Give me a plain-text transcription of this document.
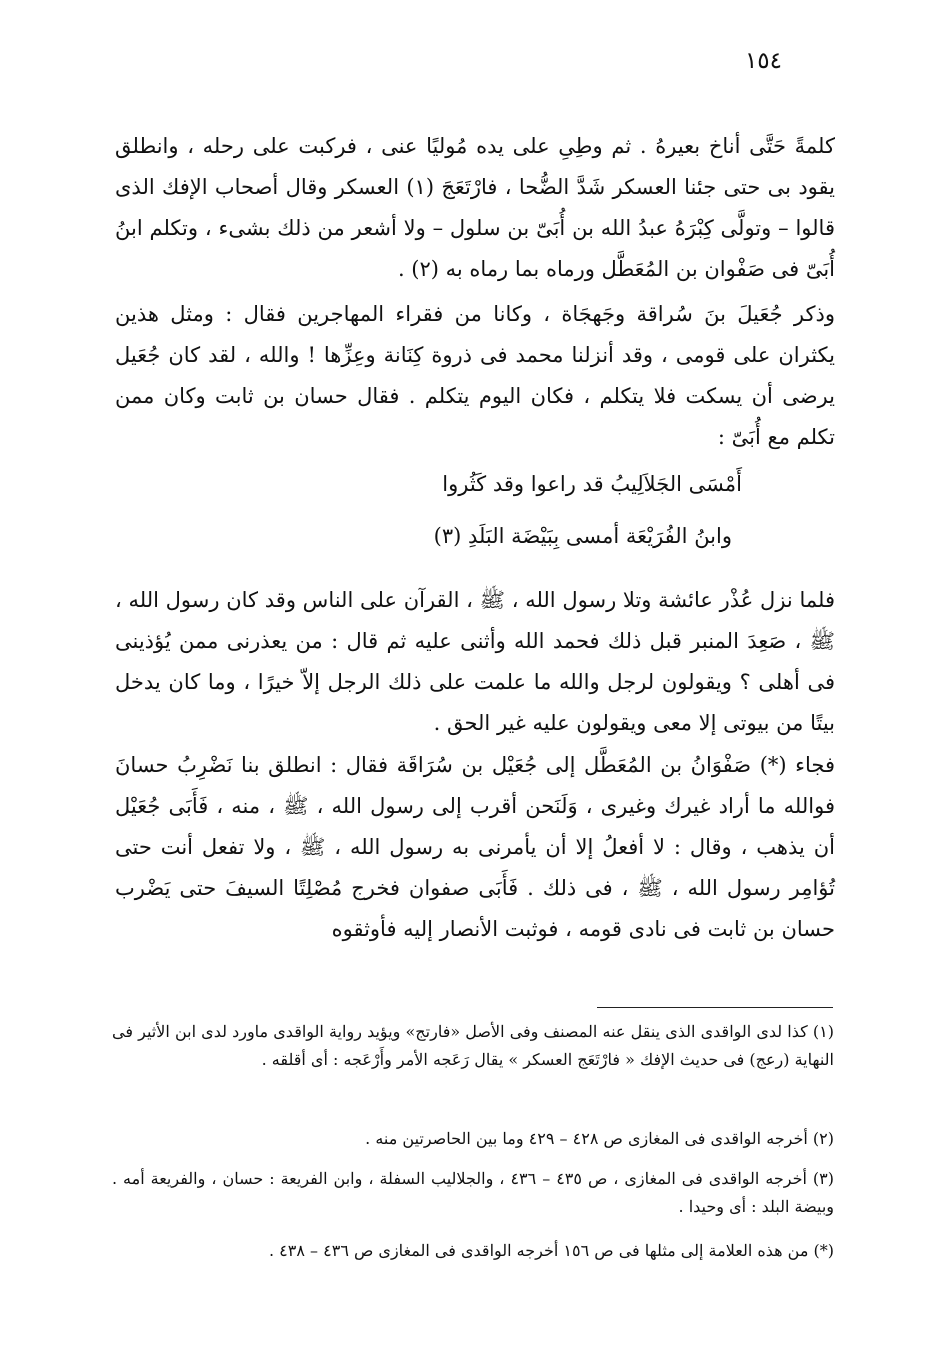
١٥٤

كلمةً حَتَّى أناخ بعيرهُ . ثم وطِىِ على يده مُوليًا عنى ، فركبت على رحله ، وانطلق يقود بى حتى جئنا العسكر شَدَّ الضُّحا ، فارْتَعَجَ (١) العسكر وقال أصحاب الإفك الذى قالوا – وتولَّى كِبْرَهُ عبدُ الله بن أُبَىّ بن سلول – ولا أشعر من ذلك بشىء ، وتكلم ابنُ أُبَىّ فى صَفْوان بن المُعَطَّل ورماه بما رماه به (٢) .

وذكر جُعَيلَ بنَ سُراقة وجَهجَاة ، وكانا من فقراء المهاجرين فقال : ومثل هذين يكثران على قومى ، وقد أنزلنا محمد فى ذروة كِنَانة وعِزِّها ! والله ، لقد كان جُعَيل يرضى أن يسكت فلا يتكلم ، فكان اليوم يتكلم . فقال حسان بن ثابت وكان ممن تكلم مع أُبَىّ :

أَمْسَى الجَلاَلِيبُ قد راعوا وقد كَثُروا
وابنُ الفُرَيْعَة أمسى بِبَيْضَة البَلَدِ (٣)

فلما نزل عُذْر عائشة وتلا رسول الله ، ﷺ ، القرآن على الناس وقد كان رسول الله ، ﷺ ، صَعِدَ المنبر قبل ذلك فحمد الله وأثنى عليه ثم قال : من يعذرنى ممن يُؤذينى فى أهلى ؟ ويقولون لرجل والله ما علمت على ذلك الرجل إلاّ خيرًا ، وما كان يدخل بيتًا من بيوتى إلا معى ويقولون عليه غير الحق .

فجاء (*) صَفْوَانُ بن المُعَطَّل إلى جُعَيْل بن سُرَاقَة فقال : انطلق بنا نَضْرِبُ حسانَ فوالله ما أراد غيرك وغيرى ، وَلَنَحن أقرب إلى رسول الله ، ﷺ ، منه ، فَأَبَى جُعَيْل أن يذهب ، وقال : لا أفعلُ إلا أن يأمرنى به رسول الله ، ﷺ ، ولا تفعل أنت حتى تُؤامِر رسول الله ، ﷺ ، فى ذلك . فَأَبَى صفوان فخرج مُصْلِتًا السيفَ حتى يَضْرب حسان بن ثابت فى نادى قومه ، فوثبت الأنصار إليه فأوثقوه

(١) كذا لدى الواقدى الذى ينقل عنه المصنف وفى الأصل «فارتج» ويؤيد رواية الواقدى ماورد لدى ابن الأثير فى النهاية (رعج) فى حديث الإفك « فارْتَعَج العسكر » يقال رَعَجه الأمر وأَرْعَجه : أى أقلقه .

(٢) أخرجه الواقدى فى المغازى ص ٤٢٨ – ٤٢٩ وما بين الحاصرتين منه .

(٣) أخرجه الواقدى فى المغازى ، ص ٤٣٥ – ٤٣٦ ، والجلاليب السفلة ، وابن الفريعة : حسان ، والفريعة أمه . وبيضة البلد : أى وحيدا .

(*) من هذه العلامة إلى مثلها فى ص ١٥٦ أخرجه الواقدى فى المغازى ص ٤٣٦ – ٤٣٨ .
